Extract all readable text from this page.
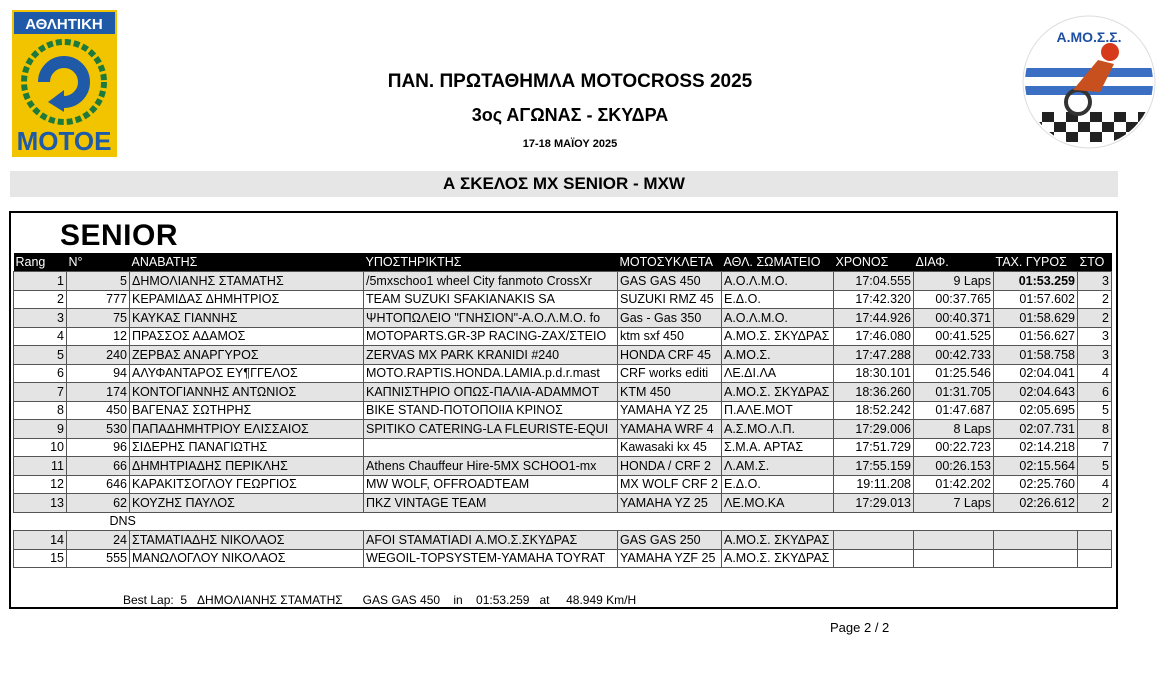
ΑΘΛΗΤΙΚΗ
MOTOE
Α.ΜΟ.Σ.Σ.
ΠΑΝ. ΠΡΩΤΑΘΗΜΛΑ MOTOCROSS 2025
3ος ΑΓΩΝΑΣ - ΣΚΥΔΡΑ
17-18 ΜΑΪΟΥ 2025
Α ΣΚΕΛΟΣ MX SENIOR - MXW
SENIOR
Rang	N°	ΑΝΑΒΑΤΗΣ	ΥΠΟΣΤΗΡΙΚΤΗΣ	ΜΟΤΟΣΥΚΛΕΤΑ	ΑΘΛ. ΣΩΜΑΤΕΙΟ	ΧΡΟΝΟΣ	ΔΙΑΦ.	ΤΑΧ. ΓΥΡΟΣ	ΣΤΟ
1	5	ΔΗΜΟΛΙΑΝΗΣ ΣΤΑΜΑΤΗΣ	/5mxschoo1 wheel City fanmoto CrossXr	GAS GAS 450	Α.Ο.Λ.Μ.Ο.	17:04.555	9 Laps	01:53.259	3
2	777	ΚΕΡΑΜΙΔΑΣ ΔΗΜΗΤΡΙΟΣ	TEAM SUZUKI SFAKIANAKIS SA	SUZUKI RMZ 45	Ε.Δ.Ο.	17:42.320	00:37.765	01:57.602	2
3	75	ΚΑΥΚΑΣ ΓΙΑΝΝΗΣ	ΨΗΤΟΠΩΛΕΙΟ "ΓΝΗΣΙΟΝ"-Α.Ο.Λ.Μ.Ο. fo	Gas - Gas 350	Α.Ο.Λ.Μ.Ο.	17:44.926	00:40.371	01:58.629	2
4	12	ΠΡΑΣΣΟΣ ΑΔΑΜΟΣ	MOTOPARTS.GR-3P RACING-ZAX/ΣΤΕΙΟ	ktm sxf 450	Α.ΜΟ.Σ. ΣΚΥΔΡΑΣ	17:46.080	00:41.525	01:56.627	3
5	240	ΖΕΡΒΑΣ ΑΝΑΡΓΥΡΟΣ	ZERVAS MX PARK KRANIDI #240	HONDA CRF 45	Α.ΜΟ.Σ.	17:47.288	00:42.733	01:58.758	3
6	94	ΑΛΥΦΑΝΤΑΡΟΣ ΕΥ¶ΓΓΕΛΟΣ	MOTO.RAPTIS.HONDA.LAMIA.p.d.r.mast	CRF works editi	ΛΕ.ΔΙ.ΛΑ	18:30.101	01:25.546	02:04.041	4
7	174	ΚΟΝΤΟΓΙΑΝΝΗΣ ΑΝΤΩΝΙΟΣ	ΚΑΠΝΙΣΤΗΡΙΟ ΟΠΩΣ-ΠΑΛΙΑ-ADAMMOT	KTM 450	Α.ΜΟ.Σ. ΣΚΥΔΡΑΣ	18:36.260	01:31.705	02:04.643	6
8	450	ΒΑΓΕΝΑΣ ΣΩΤΗΡΗΣ	BIKE STAND-ΠΟΤΟΠΟΙΙΑ ΚΡΙΝΟΣ	YAMAHA YZ 25	Π.ΑΛΕ.ΜΟΤ	18:52.242	01:47.687	02:05.695	5
9	530	ΠΑΠΑΔΗΜΗΤΡΙΟΥ ΕΛΙΣΣΑΙΟΣ	SPITIKO CATERING-LA FLEURISTE-EQUI	YAMAHA WRF 4	Α.Σ.ΜΟ.Λ.Π.	17:29.006	8 Laps	02:07.731	8
10	96	ΣΙΔΕΡΗΣ ΠΑΝΑΓΙΩΤΗΣ		Kawasaki kx 45	Σ.Μ.Α. ΑΡΤΑΣ	17:51.729	00:22.723	02:14.218	7
11	66	ΔΗΜΗΤΡΙΑΔΗΣ ΠΕΡΙΚΛΗΣ	Athens Chauffeur Hire-5MX SCHOO1-mx	HONDA / CRF 2	Λ.ΑΜ.Σ.	17:55.159	00:26.153	02:15.564	5
12	646	ΚΑΡΑΚΙΤΣΟΓΛΟΥ ΓΕΩΡΓΙΟΣ	MW WOLF, OFFROADTEAM	MX WOLF CRF 2	Ε.Δ.Ο.	19:11.208	01:42.202	02:25.760	4
13	62	ΚΟΥΖΗΣ ΠΑΥΛΟΣ	ΠΚΖ VINTAGE TEAM	YAMAHA YZ 25	ΛΕ.ΜΟ.ΚΑ	17:29.013	7 Laps	02:26.612	2
DNS									
14	24	ΣΤΑΜΑΤΙΑΔΗΣ ΝΙΚΟΛΑΟΣ	AFOI STAMATIADI Α.ΜΟ.Σ.ΣΚΥΔΡΑΣ	GAS GAS 250	Α.ΜΟ.Σ. ΣΚΥΔΡΑΣ				
15	555	ΜΑΝΩΛΟΓΛΟΥ ΝΙΚΟΛΑΟΣ	WEGOIL-TOPSYSTEM-YAMAHA TOYRAT	YAMAHA YZF 25	Α.ΜΟ.Σ. ΣΚΥΔΡΑΣ				
Best Lap:  5   ΔΗΜΟΛΙΑΝΗΣ ΣΤΑΜΑΤΗΣ      GAS GAS 450    in    01:53.259   at     48.949 Km/H
Page 2 / 2
